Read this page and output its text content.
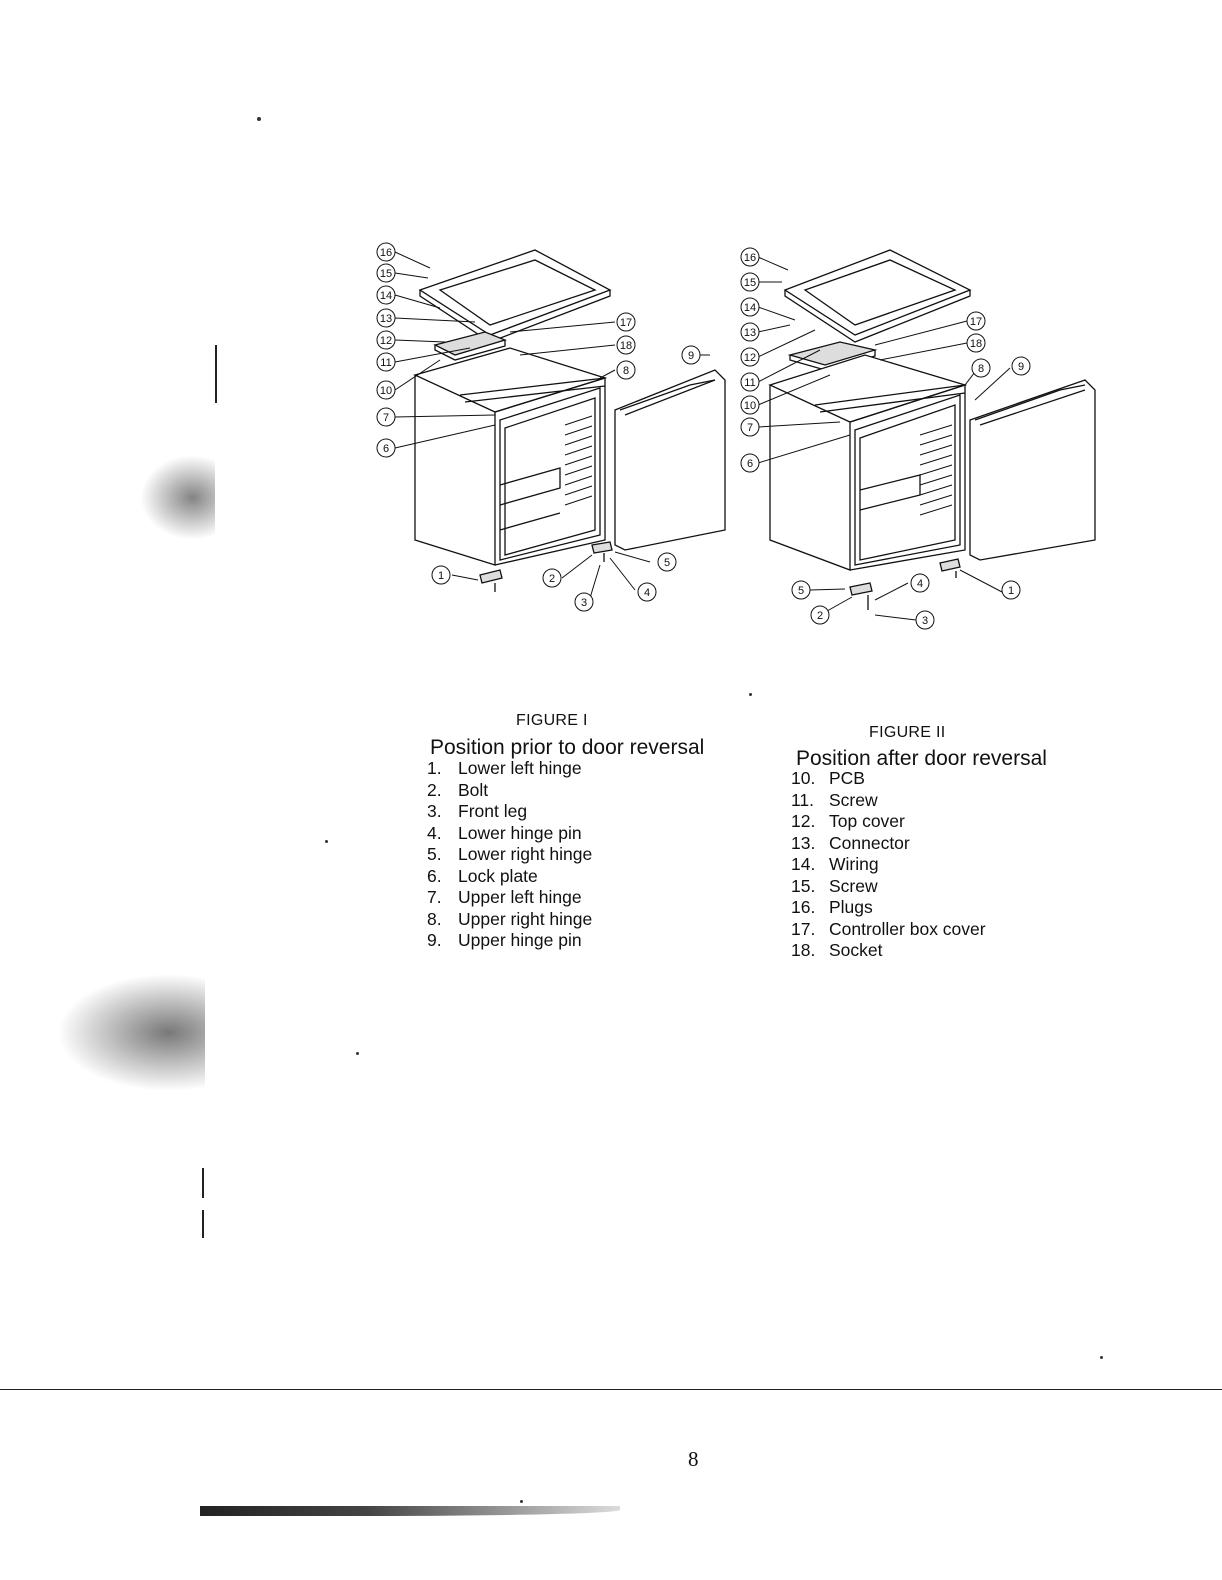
16
15
14
13
12
11
10
7
6
17
18
8
9
1	2
3
4
5
16
15
14
13
12
11
10
7
6
17
18
8	9
1
5
2
4
3
FIGURE I
Position prior to door reversal
1. Lower left hinge
2. Bolt
3. Front leg
4. Lower hinge pin
5. Lower right hinge
6. Lock plate
7. Upper left hinge
8. Upper right hinge
9. Upper hinge pin
FIGURE II
Position after door reversal
10. PCB
11. Screw
12. Top cover
13. Connector
14. Wiring
15. Screw
16. Plugs
17. Controller box cover
18. Socket
8
